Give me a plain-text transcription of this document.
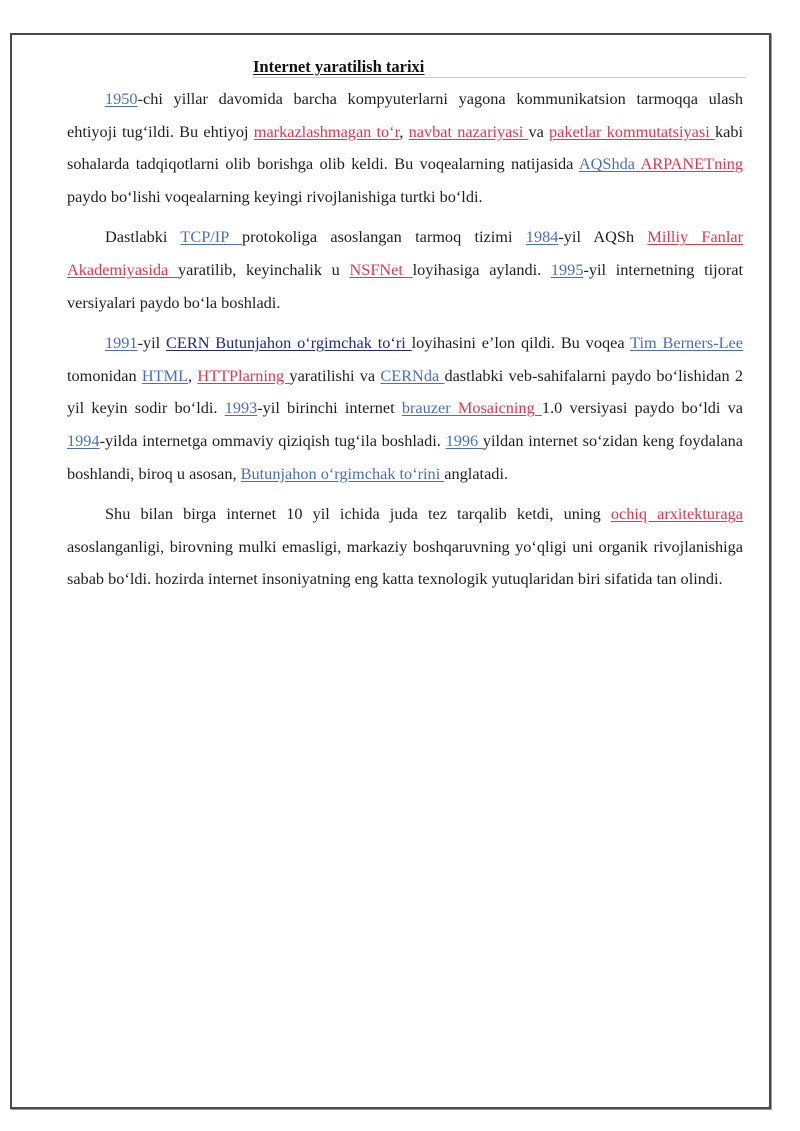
Internet yaratilish tarixi

1950-chi yillar davomida barcha kompyuterlarni yagona kommunikatsion tarmoqqa ulash ehtiyoji tug‘ildi. Bu ehtiyoj markazlashmagan to‘r, navbat nazariyasi va paketlar kommutatsiyasi kabi sohalarda tadqiqotlarni olib borishga olib keldi. Bu voqealarning natijasida AQShda ARPANETning paydo bo‘lishi voqealarning keyingi rivojlanishiga turtki bo‘ldi.

Dastlabki TCP/IP protokoliga asoslangan tarmoq tizimi 1984-yil AQSh Milliy Fanlar Akademiyasida yaratilib, keyinchalik u NSFNet loyihasiga aylandi. 1995-yil internetning tijorat versiyalari paydo bo‘la boshladi.

1991-yil CERN Butunjahon o‘rgimchak to‘ri loyihasini e’lon qildi. Bu voqea Tim Berners-Lee tomonidan HTML, HTTPlarning yaratilishi va CERNda dastlabki veb-sahifalarni paydo bo‘lishidan 2 yil keyin sodir bo‘ldi. 1993-yil birinchi internet brauzer Mosaicning 1.0 versiyasi paydo bo‘ldi va 1994-yilda internetga ommaviy qiziqish tug‘ila boshladi. 1996 yildan internet so‘zidan keng foydalana boshlandi, biroq u asosan, Butunjahon o‘rgimchak to‘rini anglatadi.

Shu bilan birga internet 10 yil ichida juda tez tarqalib ketdi, uning ochiq arxitekturaga asoslanganligi, birovning mulki emasligi, markaziy boshqaruvning yo‘qligi uni organik rivojlanishiga sabab bo‘ldi. hozirda internet insoniyatning eng katta texnologik yutuqlaridan biri sifatida tan olindi.
